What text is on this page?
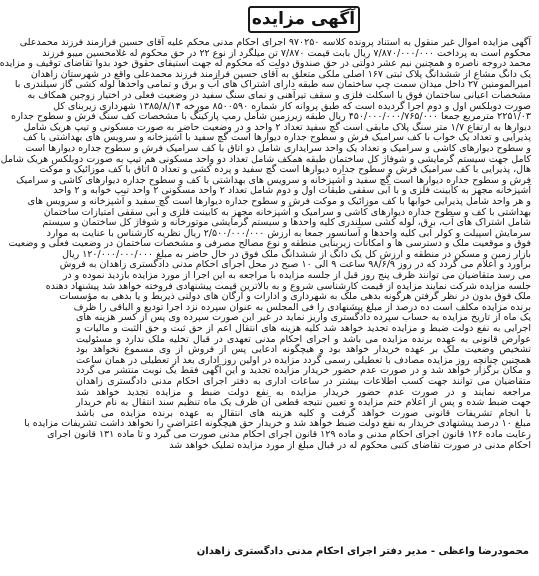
آگهی مزایده
آگهی مزایده اموال غیر منقول به استناد پرونده کلاسه ۹۷۰۲۵۰ اجرای احکام مدنی محکم علیه آقای حسین فرازمند فرزند محمدعلی
محکوم است به پرداخت ۷/۸۷۰/۰۰۰/۰۰۰ ریال بابت قیمت ۷/۸۷۰ تن میلگرد از نوع ۲۲ در حق محکوم له غلامحسین میبو فرزند
محمد دروجه ناصره و همچنین نیم عشر دولتی در حق صندوق دولت که محکوم له جهت استیفای حقوق خود بدوا تقاضای توقیف و مزایده
یک دانگ مشاع از ششدانگ پلاک ثبتی ۱۶۷ اصلی ملکی متعلق به آقای حسین فرازمند فرزند محمدعلی واقع در شهرستان زاهدان
امیرالمومنین ۲۷ داخل میدان سمت چپ ساختمان سه طبقه دارای اشتراک های آب و برق و تمامی واحدها لوله کشی گاز سیلندری با
مشخصات اعیانی ساختمان فوق با اسکلت فلزی و سقف تیرآهنی و نمای سنگ سفید در وضعیت فعلی در اختیار زوجین همکاف به
صورت دوبلکس اول و دوم اجرا گردیده است که طبق پروانه کار شماره ۸۵۰۰۵۹۰ مورخه ۱۳۸۵/۸/۱۴ شهرداری زیربنای کل
۲۲۵۱/۰۳ مترمربع جمعا ۴۵۰/۰۰۰/۰۰۰/۷۶۵/۰۰۰ ریال طبقه زیرزمین شامل رمپ پارکینگ با مشخصات کف سنگ فرش و سطوح جداره
دیوارها به ارتفاع ۱/۷ متر سنگ پلاک مابقی است گچ سفید تعداد ۲ واحد و در وضعیت حاضر به صورت مسکونی و تیپ هریک شامل
پذیرایی و تعداد یک خواب با کف سرامیک فرش و سطوح جداره دیوارها است گچ سفید با آشپزخانه و سرویس های بهداشتی با کف
و سطوح دیوارهای کاشی و سرامیک و تعداد یک واحد سرایداری شامل دو اتاق با کف سرامیک فرش و سطوح جداره دیوارها است
کامل جهت سیستم گرمایشی و شوفاژ کل ساختمان طبقه همکف شامل تعداد دو واحد مسکونی هم تیپ به صورت دوبلکس هریک شامل
هال، پذیرایی با کف سرامیک فرش و سطوح جداره دیوارها است گچ سفید و پرده کشی و تعداد ۵ اتاق با کف موزائیک و موکت
فرش و سطوح جداره دیوارها است گچ سفید و آشپزخانه و سرویس های بهداشتی با کف و سطوح جداره دیوارهای کاشی و سرامیک
آشپزخانه مجهز به کابینت فلزی و با آبی سقفی طبقات اول و دوم شامل تعداد ۲ واحد مسکونی ۲ واحد تیپ خوابه و ۲ واحد
و هر واحد شامل پذیرایی خوابها با کف موزائیک و موکت فرش و سطوح جداره دیوارها است گچ سفید و آشپزخانه و سرویس های
بهداشتی با کف و سطوح جداره دیوارهای کاشی و سرامیک و آشپزخانه مجهز به کابینت فلزی و آبی سقفی امتیازات ساختمان
شامل اشتراک های آب، برق، لوله کشی سیلندری کلیه واحدها و سیستم گرمایشی موتورخانه و شوفاژ کل ساختمان و سیستم
سرمایش اسپیلت و کولر آبی کلیه واحدها و آسانسور جمعا به ارزش ۲/۵۰۰/۰۰۰/۰۰۰ ریال نظریه کارشناس با عنایت به موارد
فوق و موقعیت ملک و دسترسی ها و امکانات زیربنایی منطقه و نوع مصالح مصرفی و مشخصات ساختمان در وضعیت فعلی و وضعیت
بازار زمین و مسکن در منطقه و ارزش کل یک دانگ از ششدانگ ملک فوق در حال حاضر به مبلغ ۱۲۰/۰۰۰/۰۰۰/۰۰۰ ریال
برآورد و اعلام می گردد که در روز ۹۸/۶/۹ ساعت ۹ الی ۱۰ صبح در محل اجرای احکام مدنی دادگستری زاهدان به فروش
می رسد متقاضیان می توانند ظرف پنج روز قبل از جلسه مزایده با مراجعه به این اجرا از مورد مزایده بازدید نموده و در
جلسه مزایده شرکت نمایند مزایده از قیمت کارشناسی شروع و به بالاترین قیمت پیشنهادی فروخته خواهد شد پیشنهاد دهنده
ملک فوق بدون در نظر گرفتن هرگونه بدهی ملک به شهرداری و ادارات و ارگان های دولتی ذیربط و یا بدهی به مؤسسات
برنده مزایده مکلف است ده درصد از مبلغ پیشنهادی را فی المجلس به عنوان سپرده نزد اجرا تودیع و الباقی را ظرف
یک ماه از تاریخ مزایده به حساب سپرده دادگستری واریز نماید در غیر این صورت سپرده وی پس از کسر هزینه های
اجرایی به نفع دولت ضبط و مزایده تجدید خواهد شد کلیه هزینه های انتقال اعم از حق ثبت و حق الثبت و مالیات و
عوارض قانونی به عهده برنده مزایده می باشد و اجرای احکام مدنی تعهدی در قبال تخلیه ملک ندارد و مسئولیت
تشخیص وضعیت ملک بر عهده خریدار خواهد بود و هیچگونه ادعایی پس از فروش از وی مسموع نخواهد بود
همچنین چنانچه روز مزایده مصادف با تعطیلی رسمی گردد مزایده در اولین روز اداری بعد از تعطیلی در همان ساعت
و مکان برگزار خواهد شد و در صورت عدم حضور خریدار مزایده تجدید و این آگهی فقط یک نوبت منتشر می گردد
متقاضیان می توانند جهت کسب اطلاعات بیشتر در ساعات اداری به دفتر اجرای احکام مدنی دادگستری زاهدان
مراجعه نمایند و در صورت عدم حضور خریدار مزایده به نفع دولت ضبط و مزایده تجدید خواهد شد
جهت ضبط شده و پس از اعلام ختم مزایده و تعیین نتیجه قطعی آن ظرف یک ماه تنظیم سند انتقال به نام خریدار
با انجام تشریفات قانونی صورت خواهد گرفت و کلیه هزینه های انتقال به عهده برنده مزایده می باشد
مبلغ ۱۰ درصد پیشنهادی خریدار به نفع دولت ضبط خواهد شد و خریدار حق هیچگونه اعتراضی را نخواهد داشت تشریفات مزایده با
رعایت ماده ۱۲۶ قانون اجرای احکام مدنی و ماده ۱۲۹ قانون اجرای احکام مدنی صورت می گیرد و تا ماده ۱۳۱ قانون اجرای
احکام مدنی در صورت تقاضای کتبی محکوم له در قبال مبلغ از مورد مزایده تملیک خواهد شد
محمودرضا واعظی - مدیر دفتر اجرای احکام مدنی دادگستری زاهدان
